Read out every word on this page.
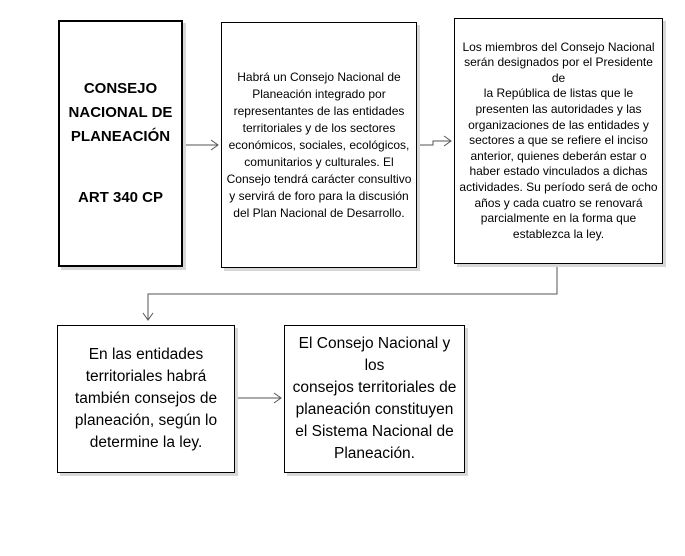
CONSEJO
NACIONAL DE
PLANEACIÓN
ART 340 CP
Habrá un Consejo Nacional de
Planeación integrado por
representantes de las entidades
territoriales y de los sectores
económicos, sociales, ecológicos,
comunitarios y culturales. El
Consejo tendrá carácter consultivo
y servirá de foro para la discusión
del Plan Nacional de Desarrollo.
Los miembros del Consejo Nacional
serán designados por el Presidente de
la República de listas que le
presenten las autoridades y las
organizaciones de las entidades y
sectores a que se refiere el inciso
anterior, quienes deberán estar o
haber estado vinculados a dichas
actividades. Su período será de ocho
años y cada cuatro se renovará
parcialmente en la forma que
establezca la ley.
En las entidades
territoriales habrá
también consejos de
planeación, según lo
determine la ley.
El Consejo Nacional y los
consejos territoriales de
planeación constituyen
el Sistema Nacional de
Planeación.
